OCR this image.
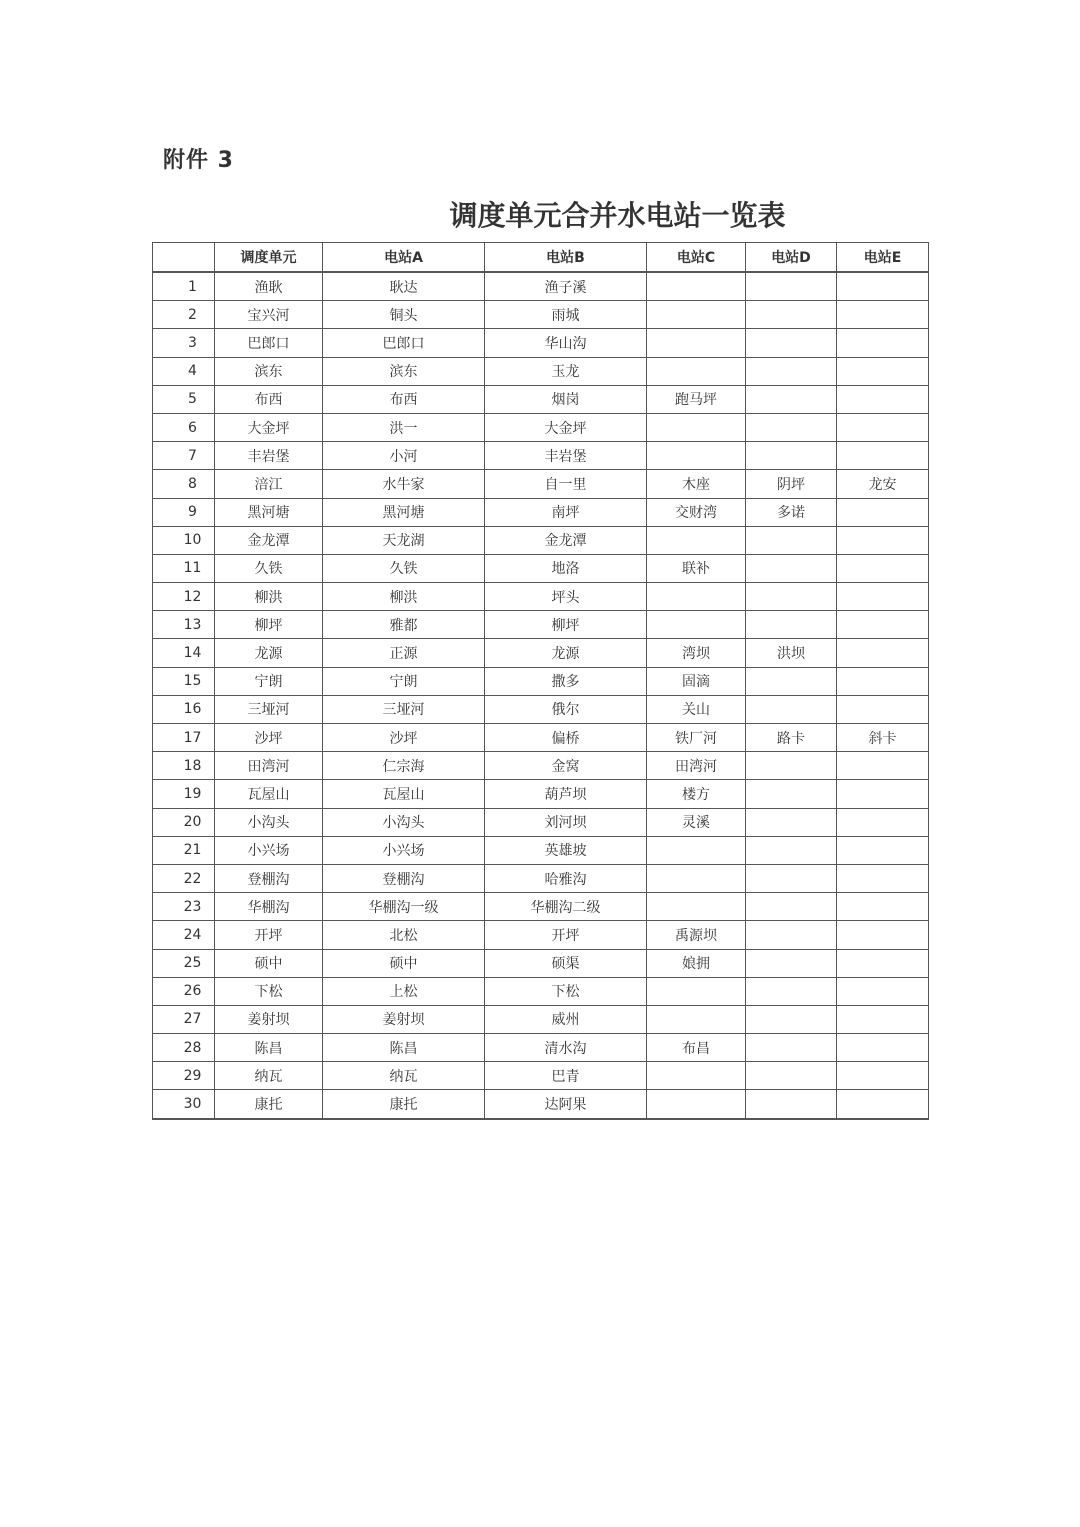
附件 3
调度单元合并水电站一览表
	调度单元	电站A	电站B	电站C	电站D	电站E
1	渔耿	耿达	渔子溪			
2	宝兴河	铜头	雨城			
3	巴郎口	巴郎口	华山沟			
4	滨东	滨东	玉龙			
5	布西	布西	烟岗	跑马坪		
6	大金坪	洪一	大金坪			
7	丰岩堡	小河	丰岩堡			
8	涪江	水牛家	自一里	木座	阴坪	龙安
9	黑河塘	黑河塘	南坪	交财湾	多诺	
10	金龙潭	天龙湖	金龙潭			
11	久铁	久铁	地洛	联补		
12	柳洪	柳洪	坪头			
13	柳坪	雅都	柳坪			
14	龙源	正源	龙源	湾坝	洪坝	
15	宁朗	宁朗	撒多	固滴		
16	三垭河	三垭河	俄尔	关山		
17	沙坪	沙坪	偏桥	铁厂河	路卡	斜卡
18	田湾河	仁宗海	金窝	田湾河		
19	瓦屋山	瓦屋山	葫芦坝	楼方		
20	小沟头	小沟头	刘河坝	灵溪		
21	小兴场	小兴场	英雄坡			
22	登棚沟	登棚沟	哈雅沟			
23	华棚沟	华棚沟一级	华棚沟二级			
24	开坪	北松	开坪	禹源坝		
25	硕中	硕中	硕渠	娘拥		
26	下松	上松	下松			
27	姜射坝	姜射坝	威州			
28	陈昌	陈昌	清水沟	布昌		
29	纳瓦	纳瓦	巴青			
30	康托	康托	达阿果			
